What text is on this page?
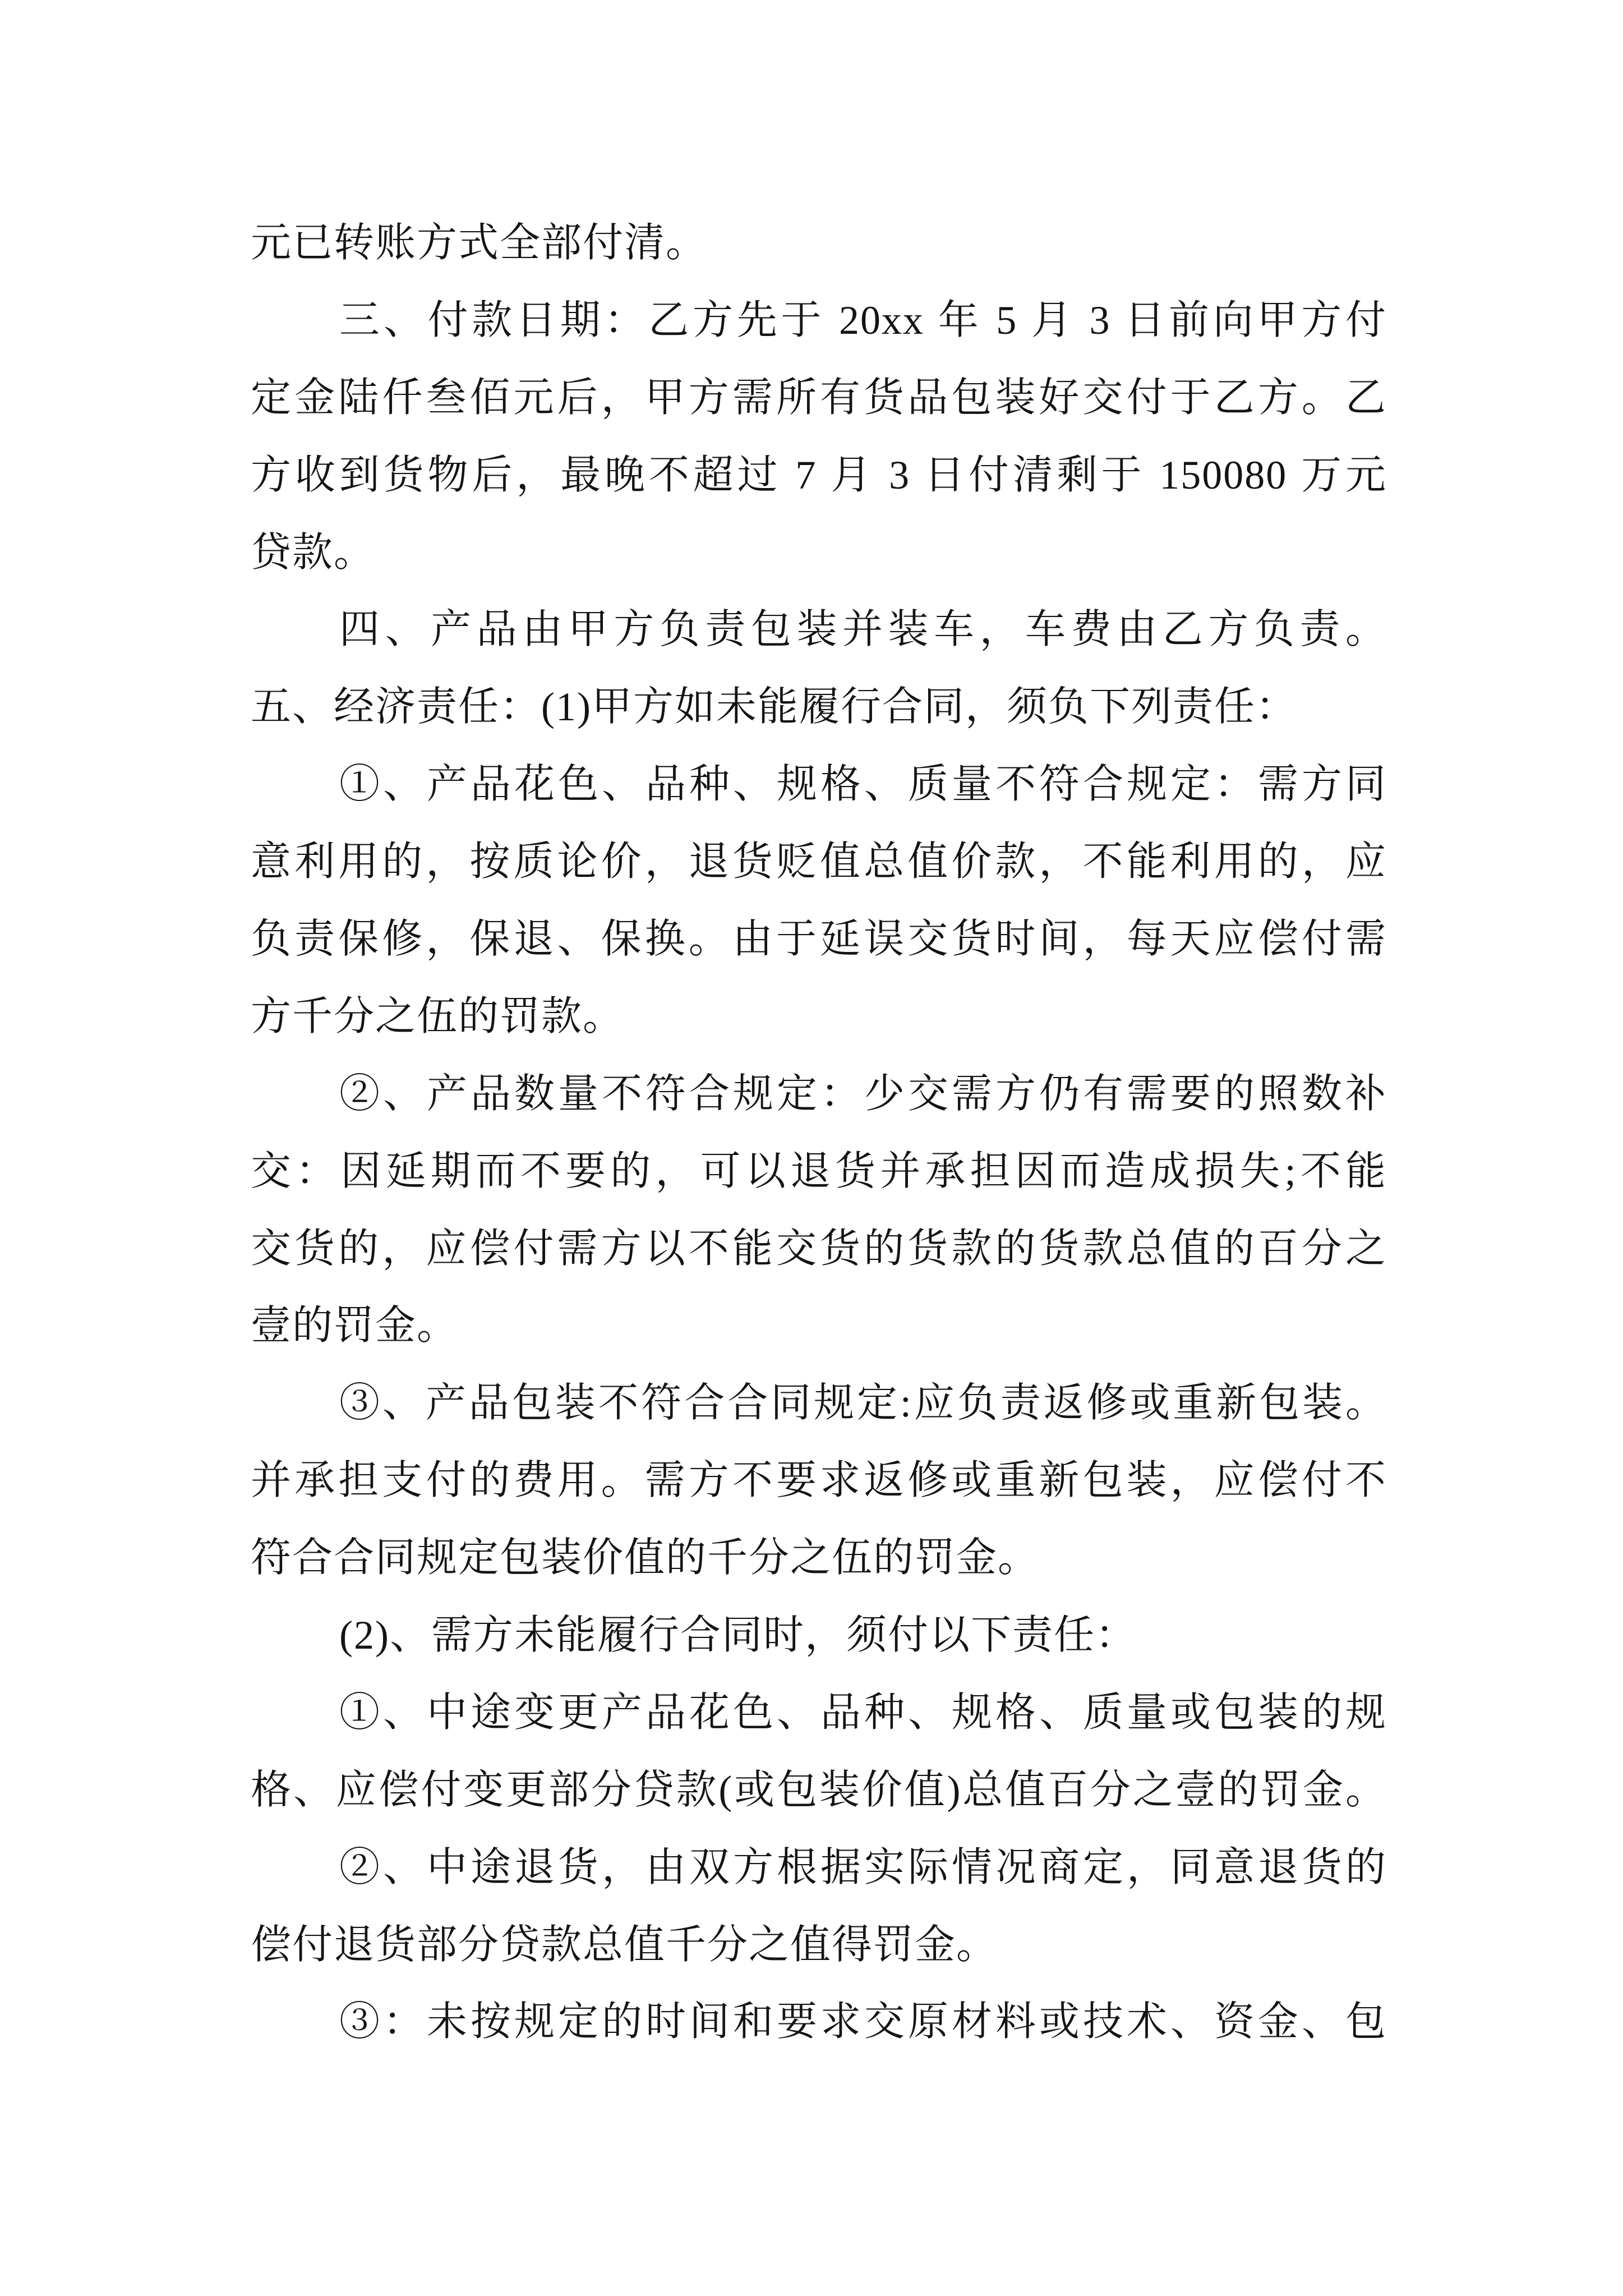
元已转账方式全部付清。
三、付款日期：乙方先于 20xx 年 5 月 3 日前向甲方付
定金陆仟叁佰元后，甲方需所有货品包装好交付于乙方。乙
方收到货物后，最晚不超过 7 月 3 日付清剩于 150080 万元
贷款。
四、产品由甲方负责包装并装车，车费由乙方负责。
五、经济责任：(1)甲方如未能履行合同，须负下列责任：
①、产品花色、品种、规格、质量不符合规定：需方同
意利用的，按质论价，退货贬值总值价款，不能利用的，应
负责保修，保退、保换。由于延误交货时间，每天应偿付需
方千分之伍的罚款。
②、产品数量不符合规定：少交需方仍有需要的照数补
交：因延期而不要的，可以退货并承担因而造成损失;不能
交货的，应偿付需方以不能交货的货款的货款总值的百分之
壹的罚金。
③、产品包装不符合合同规定:应负责返修或重新包装。
并承担支付的费用。需方不要求返修或重新包装，应偿付不
符合合同规定包装价值的千分之伍的罚金。
(2)、需方未能履行合同时，须付以下责任：
①、中途变更产品花色、品种、规格、质量或包装的规
格、应偿付变更部分贷款(或包装价值)总值百分之壹的罚金。
②、中途退货，由双方根据实际情况商定，同意退货的
偿付退货部分贷款总值千分之值得罚金。
③：未按规定的时间和要求交原材料或技术、资金、包
